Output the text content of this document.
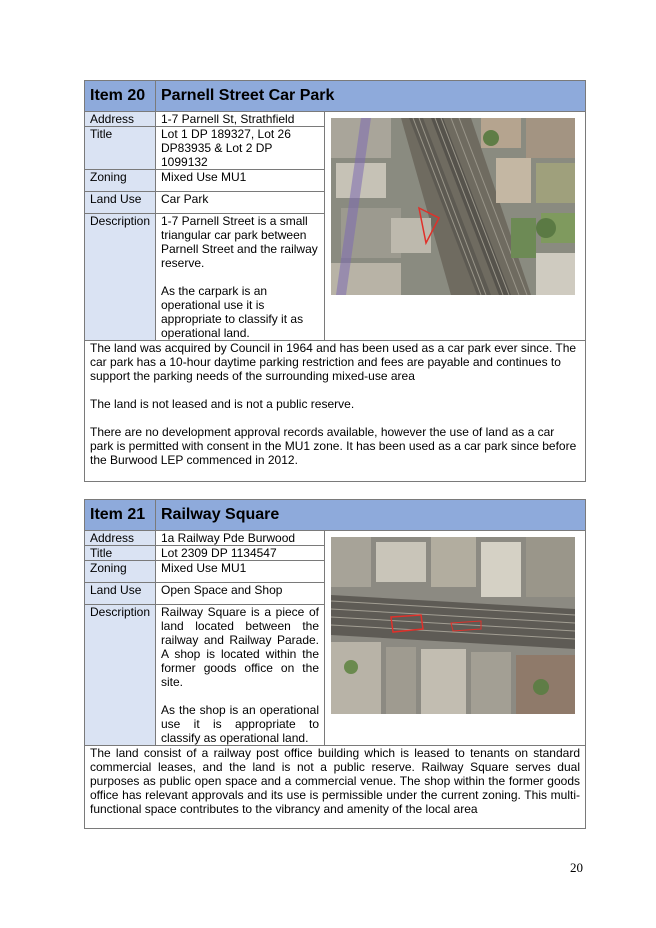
Item 20	Parnell Street Car Park	
Address	1-7 Parnell St, Strathfield	

Title	Lot 1 DP 189327, Lot 26 DP83935 & Lot 2 DP 1099132	
Zoning	Mixed Use MU1	
Land Use	Car Park	
Description	1-7 Parnell Street is a small triangular car park between Parnell Street and the railway reserve.

As the carpark is an operational use it is appropriate to classify it as operational land.	

The land was acquired by Council in 1964 and has been used as a car park ever since. The car park has a 10-hour daytime parking restriction and fees are payable and continues to support the parking needs of the surrounding mixed-use area

The land is not leased and is not a public reserve.

There are no development approval records available, however the use of land as a car park is permitted with consent in the MU1 zone. It has been used as a car park since before the Burwood LEP commenced in 2012.		

Item 21	Railway Square	
Address	1a Railway Pde Burwood	

Title	Lot 2309 DP 1134547	
Zoning	Mixed Use MU1	
Land Use	Open Space and Shop	
Description	Railway Square is a piece of land located between the railway and Railway Parade. A shop is located within the former goods office on the site.

As the shop is an operational use it is appropriate to classify as operational land.	

The land consist of a railway post office building which is leased to tenants on standard commercial leases, and the land is not a public reserve. Railway Square serves dual purposes as public open space and a commercial venue. The shop within the former goods office has relevant approvals and its use is permissible under the current zoning. This multi-functional space contributes to the vibrancy and amenity of the local area		

20
